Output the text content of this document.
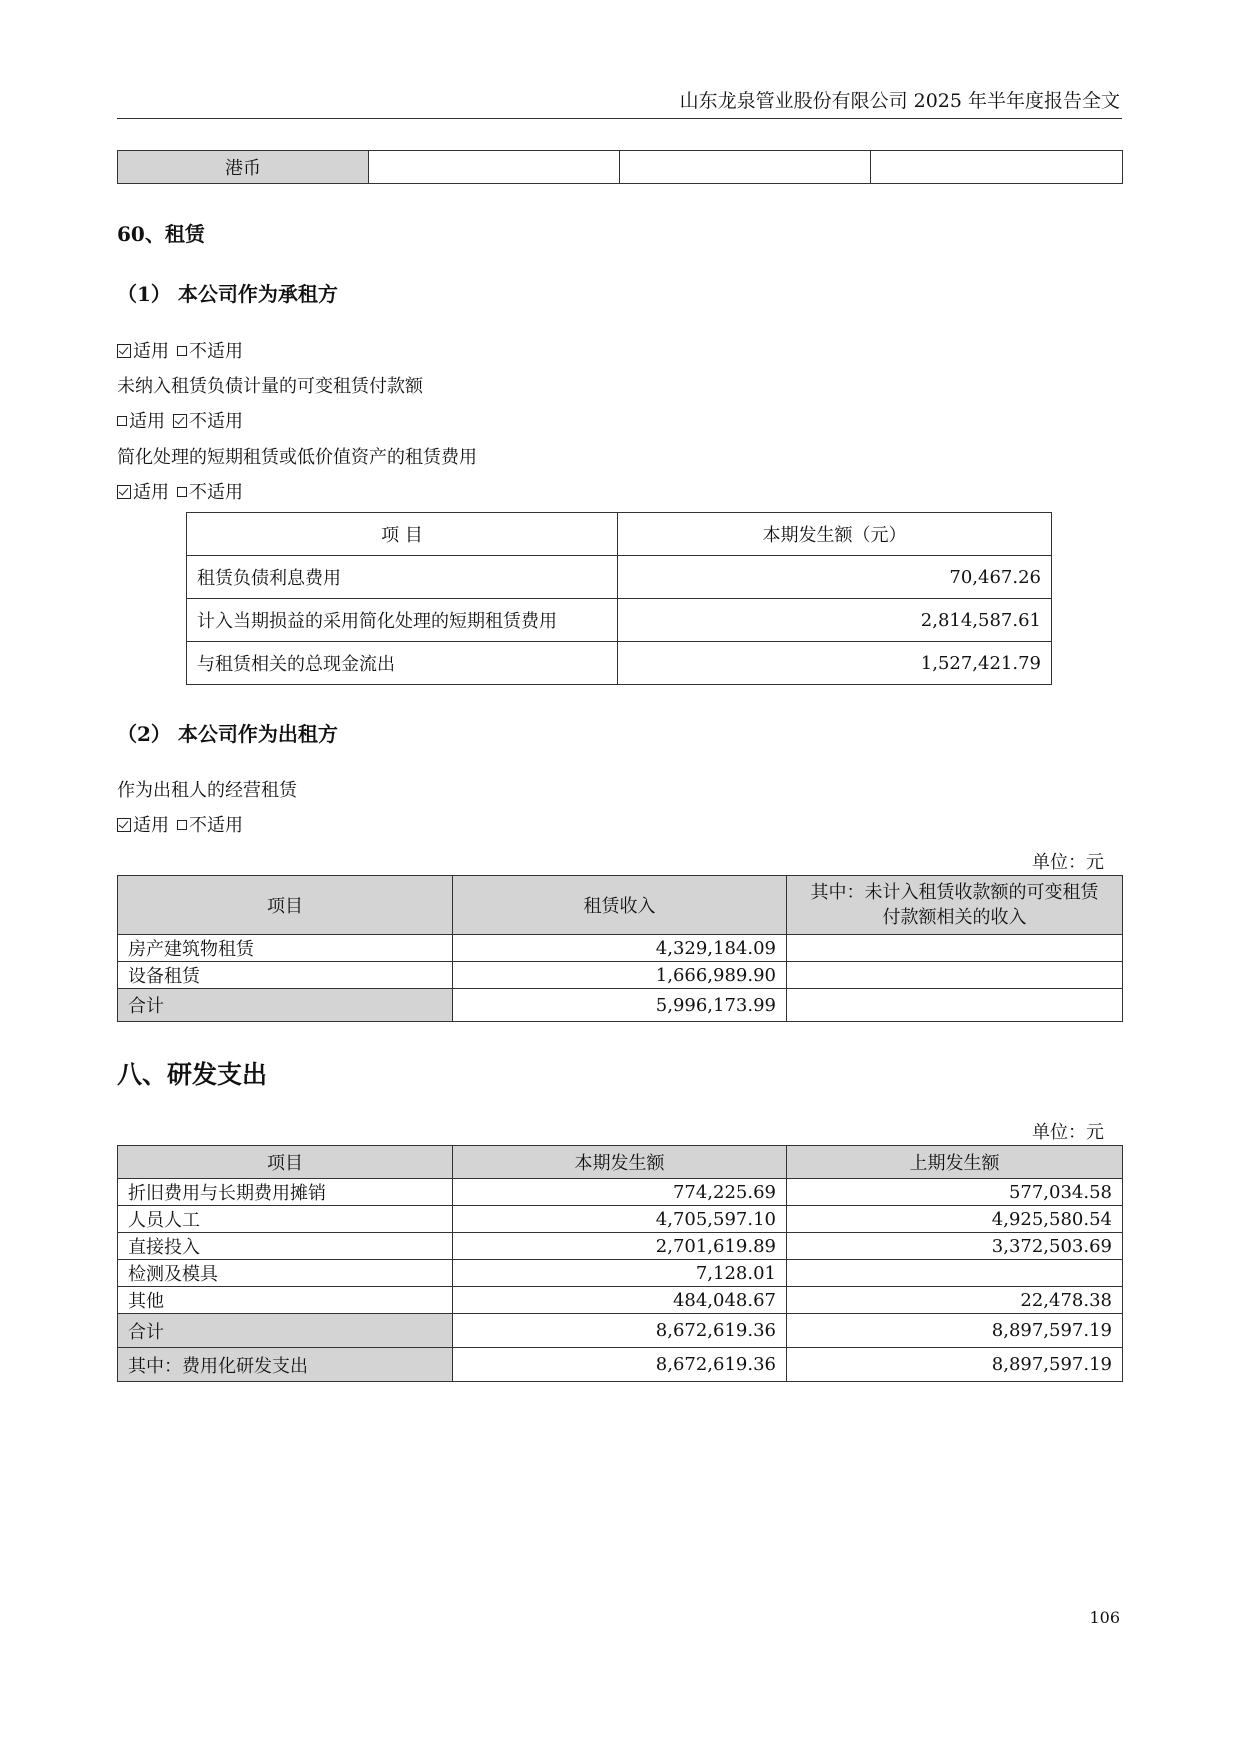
山东龙泉管业股份有限公司 2025 年半年度报告全文
港币			
60、租赁
（1） 本公司作为承租方
适用 不适用
未纳入租赁负债计量的可变租赁付款额
适用 不适用
简化处理的短期租赁或低价值资产的租赁费用
适用 不适用
项 目	本期发生额（元）
租赁负债利息费用	70,467.26
计入当期损益的采用简化处理的短期租赁费用	2,814,587.61
与租赁相关的总现金流出	1,527,421.79
（2） 本公司作为出租方
作为出租人的经营租赁
适用 不适用
单位：元
项目	租赁收入	其中：未计入租赁收款额的可变租赁
付款额相关的收入

房产建筑物租赁	4,329,184.09	
设备租赁	1,666,989.90	
合计	5,996,173.99	
八、研发支出
单位：元
项目	本期发生额	上期发生额
折旧费用与长期费用摊销	774,225.69	577,034.58
人员人工	4,705,597.10	4,925,580.54
直接投入	2,701,619.89	3,372,503.69
检测及模具	7,128.01	
其他	484,048.67	22,478.38
合计	8,672,619.36	8,897,597.19
其中：费用化研发支出	8,672,619.36	8,897,597.19
106
